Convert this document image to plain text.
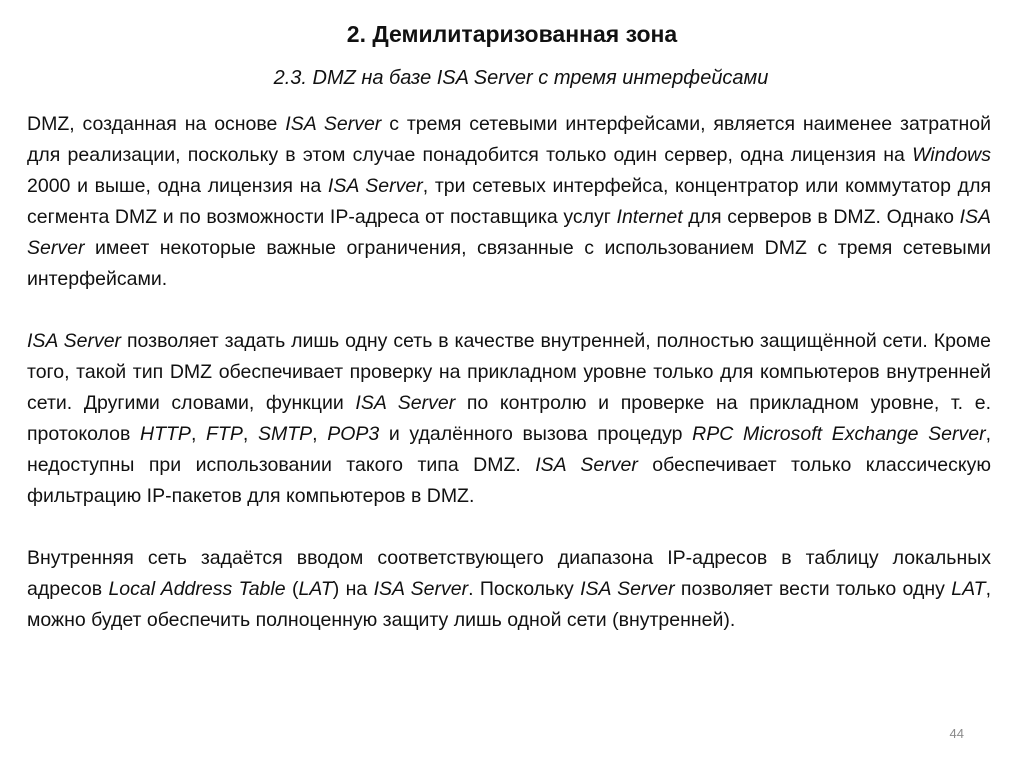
2. Демилитаризованная зона
2.3. DMZ на базе ISA Server с тремя интерфейсами

DMZ, созданная на основе ISA Server с тремя сетевыми интерфейсами, является наименее затратной для реализации, поскольку в этом случае понадобится только один сервер, одна лицензия на Windows 2000 и выше, одна лицензия на ISA Server, три сетевых интерфейса, концентратор или коммутатор для сегмента DMZ и по возможности IP-адреса от поставщика услуг Internet для серверов в DMZ. Однако ISA Server имеет некоторые важные ограничения, связанные с использованием DMZ с тремя сетевыми интерфейсами.

ISA Server позволяет задать лишь одну сеть в качестве внутренней, полностью защищённой сети. Кроме того, такой тип DMZ обеспечивает проверку на прикладном уровне только для компьютеров внутренней сети. Другими словами, функции ISA Server по контролю и проверке на прикладном уровне, т. е. протоколов HTTP, FTP, SMTP, POP3 и удалённого вызова процедур RPC Microsoft Exchange Server, недоступны при использовании такого типа DMZ. ISA Server обеспечивает только классическую фильтрацию IP-пакетов для компьютеров в DMZ.

Внутренняя сеть задаётся вводом соответствующего диапазона IP-адресов в таблицу локальных адресов Local Address Table (LAT) на ISA Server. Поскольку ISA Server позволяет вести только одну LAT, можно будет обеспечить полноценную защиту лишь одной сети (внутренней).

44
